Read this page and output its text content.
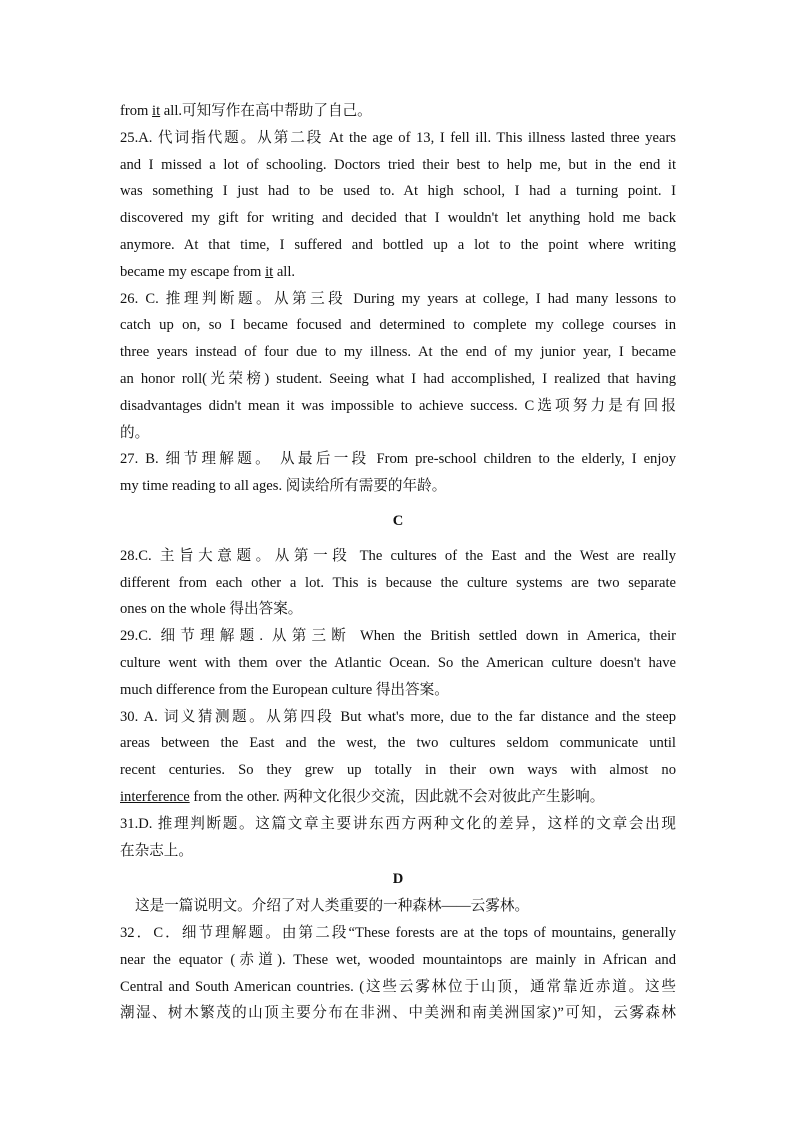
from it all.可知写作在高中帮助了自己。
25.A. 代词指代题。从第二段 At the age of 13, I fell ill. This illness lasted three years
and I missed a lot of schooling. Doctors tried their best to help me, but in the end it
was something I just had to be used to. At high school, I had a turning point. I
discovered my gift for writing and decided that I wouldn't let anything hold me back
anymore. At that time, I suffered and bottled up a lot to the point where writing
became my escape from it all.
26. C. 推理判断题。从第三段 During my years at college, I had many lessons to
catch up on, so I became focused and determined to complete my college courses in
three years instead of four due to my illness. At the end of my junior year, I became
an honor roll(光荣榜) student. Seeing what I had accomplished, I realized that having
disadvantages didn't mean it was impossible to achieve success. C选项努力是有回报
的。
27. B. 细节理解题。 从最后一段 From pre-school children to the elderly, I enjoy
my time reading to all ages. 阅读给所有需要的年龄。
C
28.C. 主旨大意题。从第一段 The cultures of the East and the West are really
different from each other a lot. This is because the culture systems are two separate
ones on the whole 得出答案。
29.C. 细节理解题. 从第三断 When the British settled down in America, their
culture went with them over the Atlantic Ocean. So the American culture doesn't have
much difference from the European culture 得出答案。
30. A. 词义猜测题。从第四段 But what's more, due to the far distance and the steep
areas between the East and the west, the two cultures seldom communicate until
recent centuries. So they grew up totally in their own ways with almost no
interference from the other. 两种文化很少交流，因此就不会对彼此产生影响。
31.D. 推理判断题。这篇文章主要讲东西方两种文化的差异，这样的文章会出现
在杂志上。
D
这是一篇说明文。介绍了对人类重要的一种森林——云雾林。
32．C．细节理解题。由第二段“These forests are at the tops of mountains, generally
near the equator (赤道). These wet, wooded mountaintops are mainly in African and
Central and South American countries. (这些云雾林位于山顶，通常靠近赤道。这些
潮湿、树木繁茂的山顶主要分布在非洲、中美洲和南美洲国家)”可知，云雾森林
